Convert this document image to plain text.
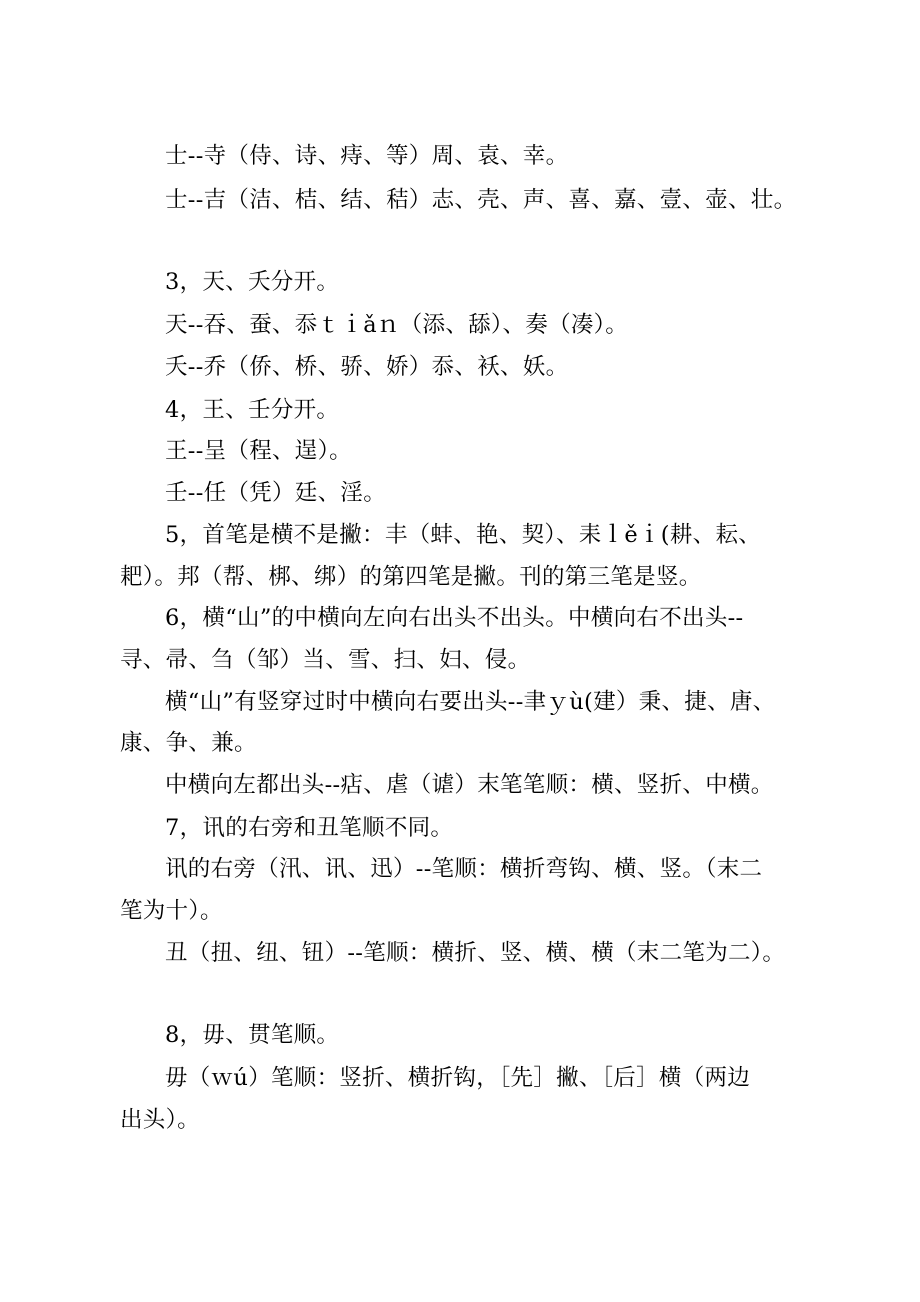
士--寺（侍、诗、痔、等）周、袁、幸。

士--吉（洁、桔、结、秸）志、壳、声、喜、嘉、壹、壶、壮。

3，天、夭分开。

天--吞、蚕、忝ｔｉǎｎ（添、舔）、奏（凑）。

夭--乔（侨、桥、骄、娇）忝、袄、妖。

4，王、壬分开。

王--呈（程、逞）。

壬--任（凭）廷、淫。

5，首笔是横不是撇：丰（蚌、艳、契）、耒ｌěｉ(耕、耘、

耙）。邦（帮、梆、绑）的第四笔是撇。刊的第三笔是竖。

6，横“山”的中横向左向右出头不出头。中横向右不出头--

寻、帚、刍（邹）当、雪、扫、妇、侵。

横“山”有竖穿过时中横向右要出头--聿ｙù(建）秉、捷、唐、

康、争、兼。

中横向左都出头--痁、虐（谑）末笔笔顺：横、竖折、中横。

7，讯的右旁和丑笔顺不同。

讯的右旁（汛、讯、迅）--笔顺：横折弯钩、横、竖。（末二

笔为十）。

丑（扭、纽、钮）--笔顺：横折、竖、横、横（末二笔为二）。

8，毋、贯笔顺。

毋（ｗú）笔顺：竖折、横折钩，［先］撇、［后］横（两边

出头）。
